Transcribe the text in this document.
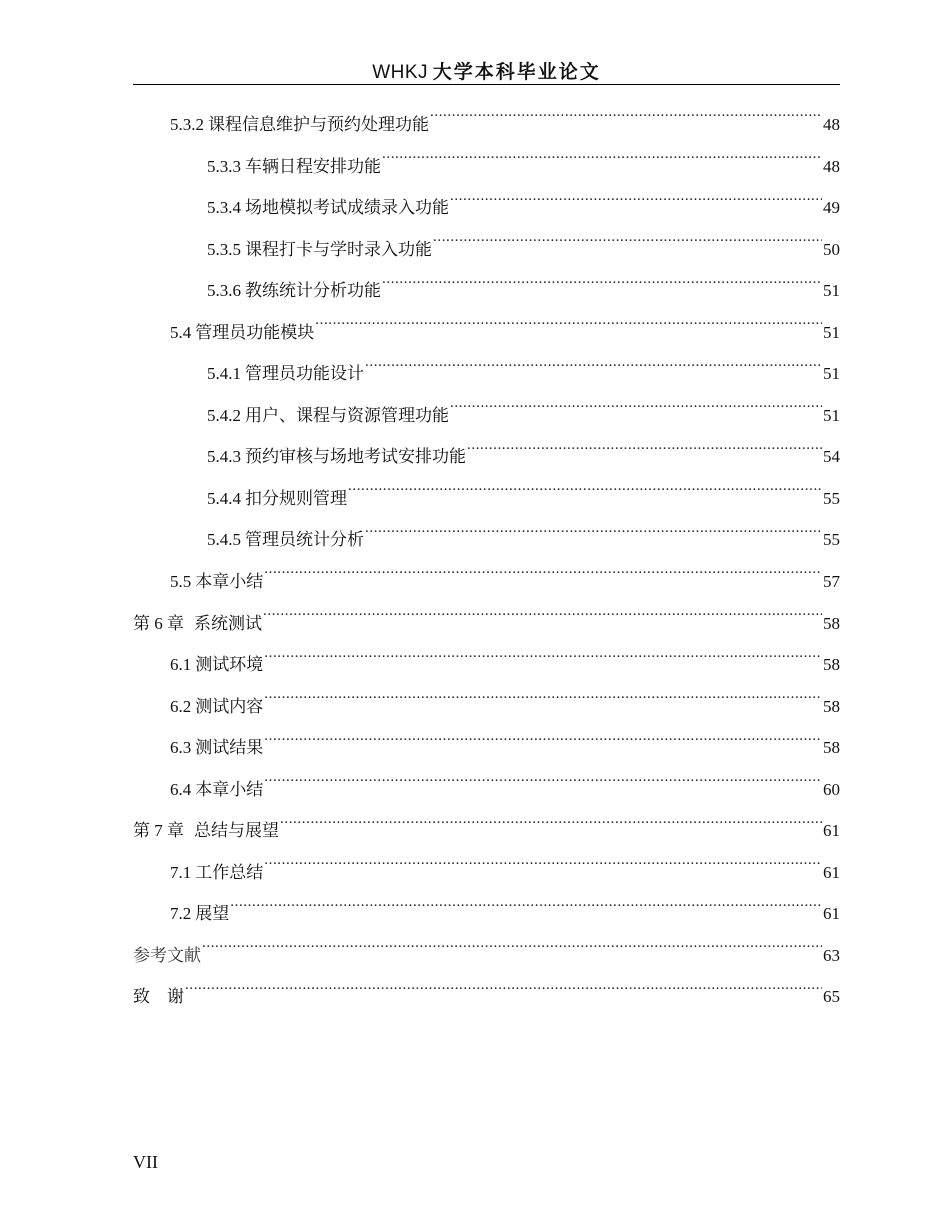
WHKJ 大学本科毕业论文
5.3.2 课程信息维护与预约处理功能 .....	48
5.3.3 车辆日程安排功能 .....	48
5.3.4 场地模拟考试成绩录入功能 .....	49
5.3.5 课程打卡与学时录入功能 .....	50
5.3.6 教练统计分析功能 .....	51
5.4 管理员功能模块 .....	51
5.4.1 管理员功能设计 .....	51
5.4.2 用户、课程与资源管理功能 .....	51
5.4.3 预约审核与场地考试安排功能 .....	54
5.4.4 扣分规则管理 .....	55
5.4.5 管理员统计分析 .....	55
5.5 本章小结 .....	57
第 6 章 系统测试 .....	58
6.1 测试环境 .....	58
6.2 测试内容 .....	58
6.3 测试结果 .....	58
6.4 本章小结 .....	60
第 7 章 总结与展望 .....	61
7.1 工作总结 .....	61
7.2 展望 .....	61
参考文献 .....	63
致　谢 .....	65
VII
